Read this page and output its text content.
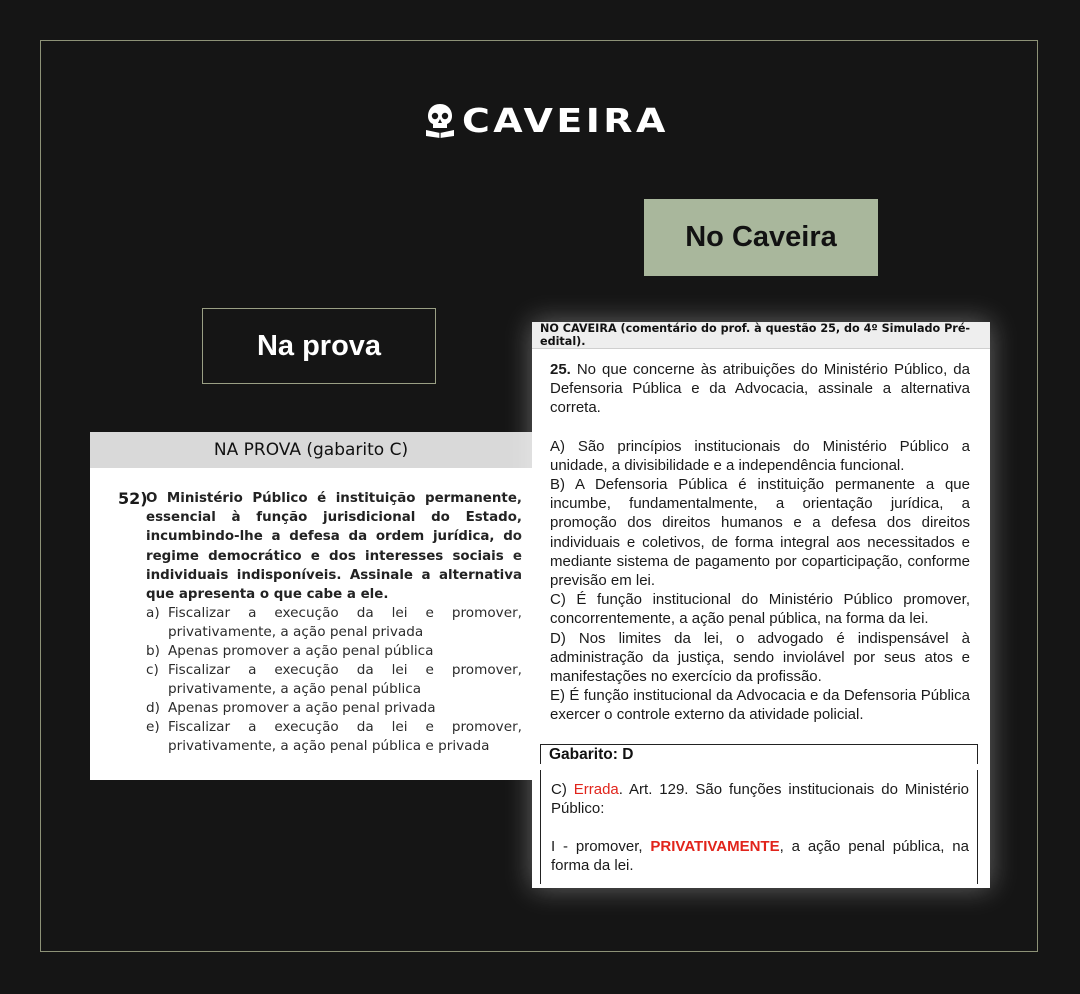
CAVEIRA
No Caveira
Na prova
NA PROVA (gabarito C)
52)
O Ministério Público é instituição permanente, essencial à função jurisdicional do Estado, incumbindo-lhe a defesa da ordem jurídica, do regime democrático e dos interesses sociais e individuais indisponíveis. Assinale a alternativa que apresenta o que cabe a ele.
a) Fiscalizar a execução da lei e promover, privativamente, a ação penal privada
b) Apenas promover a ação penal pública
c) Fiscalizar a execução da lei e promover, privativamente, a ação penal pública
d) Apenas promover a ação penal privada
e) Fiscalizar a execução da lei e promover, privativamente, a ação penal pública e privada
NO CAVEIRA (comentário do prof. à questão 25, do 4º Simulado Pré-edital).

25. No que concerne às atribuições do Ministério Público, da Defensoria Pública e da Advocacia, assinale a alternativa correta.

A) São princípios institucionais do Ministério Público a unidade, a divisibilidade e a independência funcional.

B) A Defensoria Pública é instituição permanente a que incumbe, fundamentalmente, a orientação jurídica, a promoção dos direitos humanos e a defesa dos direitos individuais e coletivos, de forma integral aos necessitados e mediante sistema de pagamento por coparticipação, conforme previsão em lei.

C) É função institucional do Ministério Público promover, concorrentemente, a ação penal pública, na forma da lei.

D) Nos limites da lei, o advogado é indispensável à administração da justiça, sendo inviolável por seus atos e manifestações no exercício da profissão.

E) É função institucional da Advocacia e da Defensoria Pública exercer o controle externo da atividade policial.

Gabarito: D

C) Errada. Art. 129. São funções institucionais do Ministério Público:

I - promover, PRIVATIVAMENTE, a ação penal pública, na forma da lei.
